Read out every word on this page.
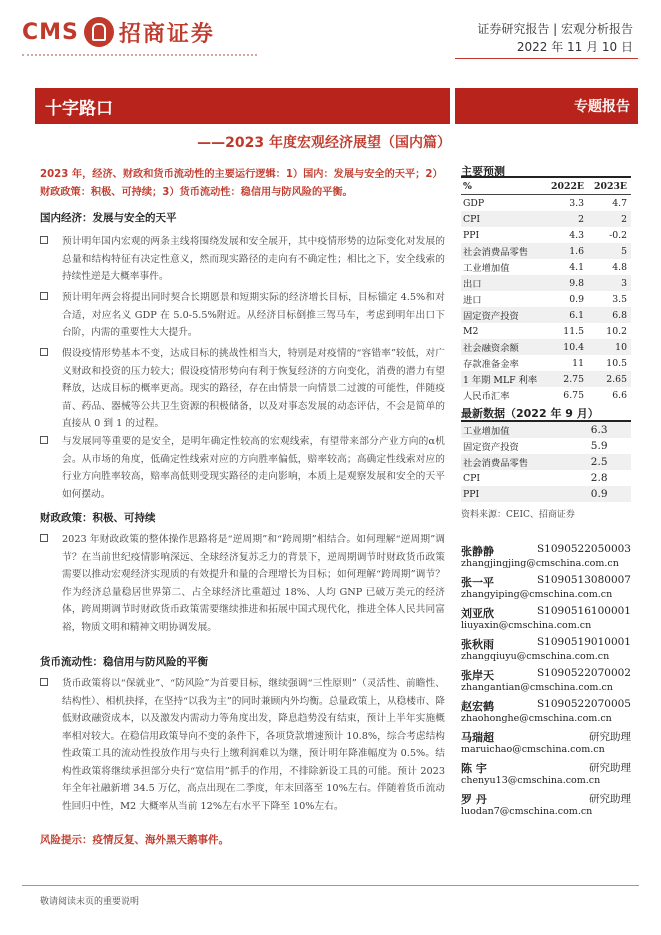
CMS 招商证券	证券研究报告 | 宏观分析报告
2022 年 11 月 10 日
十字路口	专题报告
——2023 年度宏观经济展望（国内篇）
2023 年，经济、财政和货币流动性的主要运行逻辑：1）国内：发展与安全的天平；2）财政政策：积极、可持续；3）货币流动性：稳信用与防风险的平衡。
国内经济：发展与安全的天平
预计明年国内宏观的两条主线将围绕发展和安全展开，其中疫情形势的边际变化对发展的总量和结构特征有决定性意义，然而现实路径的走向有不确定性；相比之下，安全线索的持续性逆是大概率事件。
预计明年两会将提出同时契合长期愿景和短期实际的经济增长目标，目标锚定 4.5%和对合适，对应名义 GDP 在 5.0-5.5%附近。从经济目标倒推三驾马车，考虑到明年出口下台阶，内需的重要性大大提升。
假设疫情形势基本不变，达成目标的挑战性相当大，特别是对疫情的“容错率”较低，对广义财政和投资的压力较大；假设疫情形势向有利于恢复经济的方向变化，消费的潜力有望释放，达成目标的概率更高。现实的路径，存在由情景一向情景二过渡的可能性，伴随疫苗、药品、器械等公共卫生资源的积极储备，以及对事态发展的动态评估，不会是简单的直接从 0 到 1 的过程。
与发展同等重要的是安全，是明年确定性较高的宏观线索，有望带来部分产业方向的α机会。从市场的角度，低确定性线索对应的方向胜率偏低，赔率较高；高确定性线索对应的行业方向胜率较高，赔率高低则受现实路径的走向影响，本质上是观察发展和安全的天平如何摆动。
财政政策：积极、可持续
2023 年财政政策的整体操作思路将是“逆周期”和“跨周期”相结合。如何理解“逆周期”调节？在当前世纪疫情影响深远、全球经济复苏乏力的背景下，逆周期调节时财政货币政策需要以推动宏观经济实现质的有效提升和量的合理增长为目标；如何理解“跨周期”调节？作为经济总量稳居世界第二、占全球经济比重超过 18%、人均 GNP 已破万美元的经济体，跨周期调节时财政货币政策需要继续推进和拓展中国式现代化，推进全体人民共同富裕，物质文明和精神文明协调发展。
货币流动性：稳信用与防风险的平衡
货币政策将以“保就业”、“防风险”为首要目标，继续强调“三性原则”（灵活性、前瞻性、结构性）、相机抉择，在坚持“以我为主”的同时兼顾内外均衡。总量政策上，从稳楼市、降低财政融资成本，以及激发内需动力等角度出发，降息趋势没有结束，预计上半年实施概率相对较大。在稳信用政策导向不变的条件下，各项贷款增速预计 10.8%，综合考虑结构性政策工具的流动性投放作用与央行上缴利润难以为继，预计明年降准幅度为 0.5%。结构性政策将继续承担部分央行“宽信用”抓手的作用，不排除新设工具的可能。预计 2023 年全年社融新增 34.5 万亿，高点出现在二季度，年末回落至 10%左右。伴随着货币流动性回归中性，M2 大概率从当前 12%左右水平下降至 10%左右。
风险提示：疫情反复、海外黑天鹅事件。
主要预测
%	2022E	2023E
GDP	3.3	4.7
CPI	2	2
PPI	4.3	-0.2
社会消费品零售	1.6	5
工业增加值	4.1	4.8
出口	9.8	3
进口	0.9	3.5
固定资产投资	6.1	6.8
M2	11.5	10.2
社会融资余额	10.4	10
存款准备金率	11	10.5
1 年期 MLF 利率	2.75	2.65
人民币汇率	6.75	6.6
最新数据（2022 年 9 月）
工业增加值	6.3
固定资产投资	5.9
社会消费品零售	2.5
CPI	2.8
PPI	0.9
资料来源：CEIC、招商证券
张静静	S1090522050003
zhangjingjing@cmschina.com.cn
张一平	S1090513080007
zhangyiping@cmschina.com.cn
刘亚欣	S1090516100001
liuyaxin@cmschina.com.cn
张秋雨	S1090519010001
zhangqiuyu@cmschina.com.cn
张岸天	S1090522070002
zhangantian@cmschina.com.cn
赵宏鹤	S1090522070005
zhaohonghe@cmschina.com.cn
马瑞超	研究助理
maruichao@cmschina.com.cn
陈 宇	研究助理
chenyu13@cmschina.com.cn
罗 丹	研究助理
luodan7@cmschina.com.cn
敬请阅读末页的重要说明
